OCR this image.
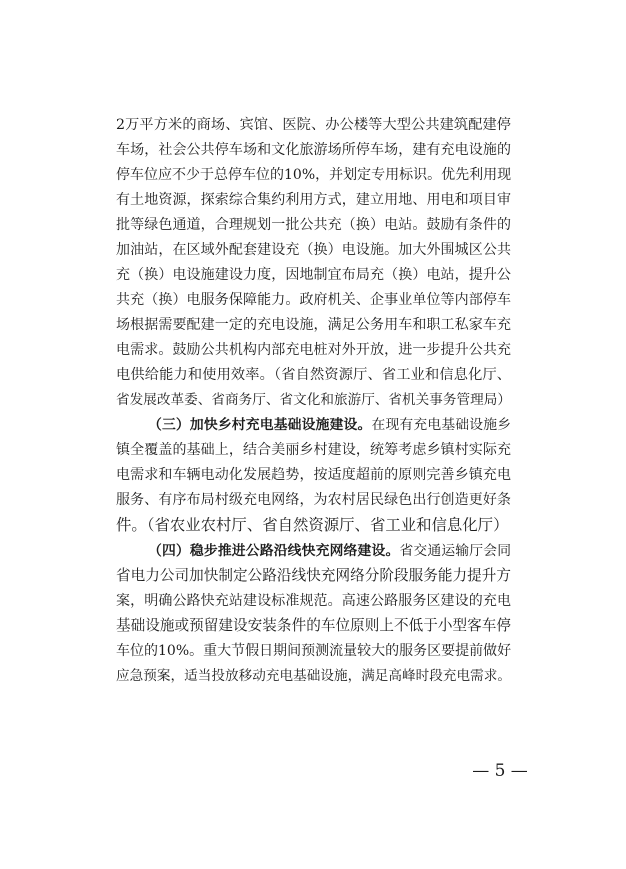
2万平方米的商场、宾馆、医院、办公楼等大型公共建筑配建停
车场，社会公共停车场和文化旅游场所停车场，建有充电设施的
停车位应不少于总停车位的10%，并划定专用标识。优先利用现
有土地资源，探索综合集约利用方式，建立用地、用电和项目审
批等绿色通道，合理规划一批公共充（换）电站。鼓励有条件的
加油站，在区域外配套建设充（换）电设施。加大外围城区公共
充（换）电设施建设力度，因地制宜布局充（换）电站，提升公
共充（换）电服务保障能力。政府机关、企事业单位等内部停车
场根据需要配建一定的充电设施，满足公务用车和职工私家车充
电需求。鼓励公共机构内部充电桩对外开放，进一步提升公共充
电供给能力和使用效率。（省自然资源厅、省工业和信息化厅、
省发展改革委、省商务厅、省文化和旅游厅、省机关事务管理局）
（三）加快乡村充电基础设施建设。在现有充电基础设施乡
镇全覆盖的基础上，结合美丽乡村建设，统筹考虑乡镇村实际充
电需求和车辆电动化发展趋势，按适度超前的原则完善乡镇充电
服务、有序布局村级充电网络，为农村居民绿色出行创造更好条
件。（省农业农村厅、省自然资源厅、省工业和信息化厅）
（四）稳步推进公路沿线快充网络建设。省交通运输厅会同
省电力公司加快制定公路沿线快充网络分阶段服务能力提升方
案，明确公路快充站建设标准规范。高速公路服务区建设的充电
基础设施或预留建设安装条件的车位原则上不低于小型客车停
车位的10%。重大节假日期间预测流量较大的服务区要提前做好
应急预案，适当投放移动充电基础设施，满足高峰时段充电需求。
— 5 —
